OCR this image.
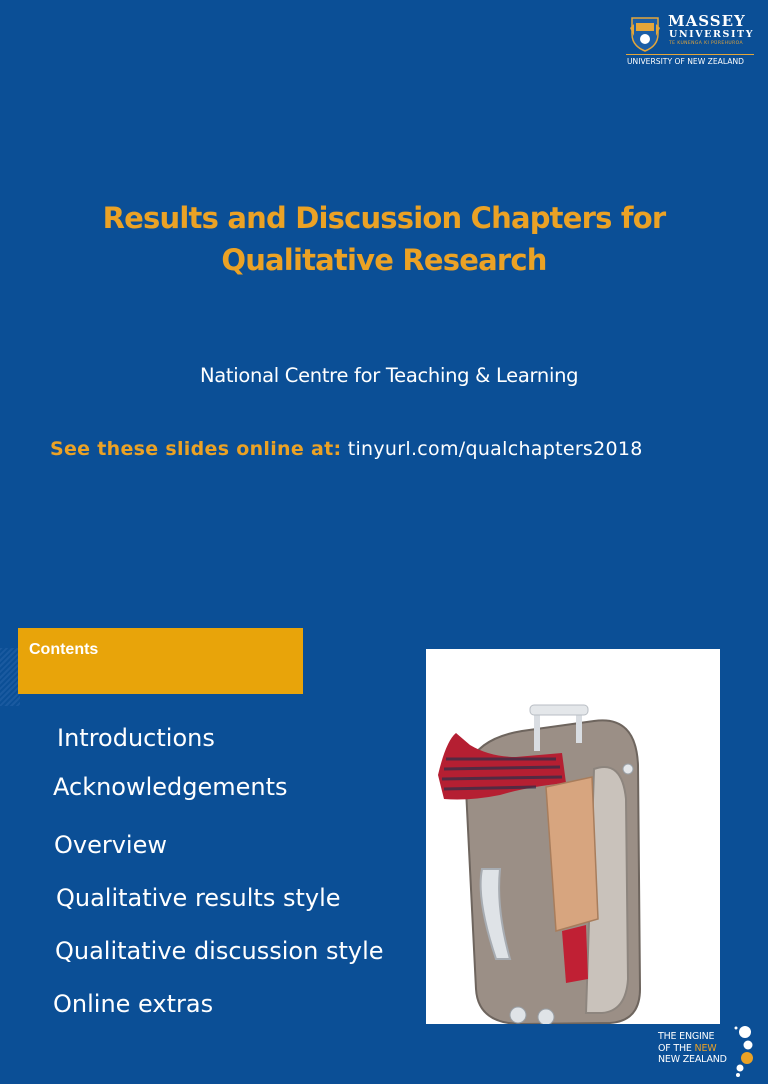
MASSEY
UNIVERSITY
TE KUNENGA KI PŪREHUROA
UNIVERSITY OF NEW ZEALAND
Results and Discussion Chapters for
Qualitative Research
National Centre for Teaching & Learning
See these slides online at: tinyurl.com/qualchapters2018
THE ENGINE
OF THE NEW
NEW ZEALAND
Contents
Introductions
Acknowledgements
Overview
Qualitative results style
Qualitative discussion style
Online extras
